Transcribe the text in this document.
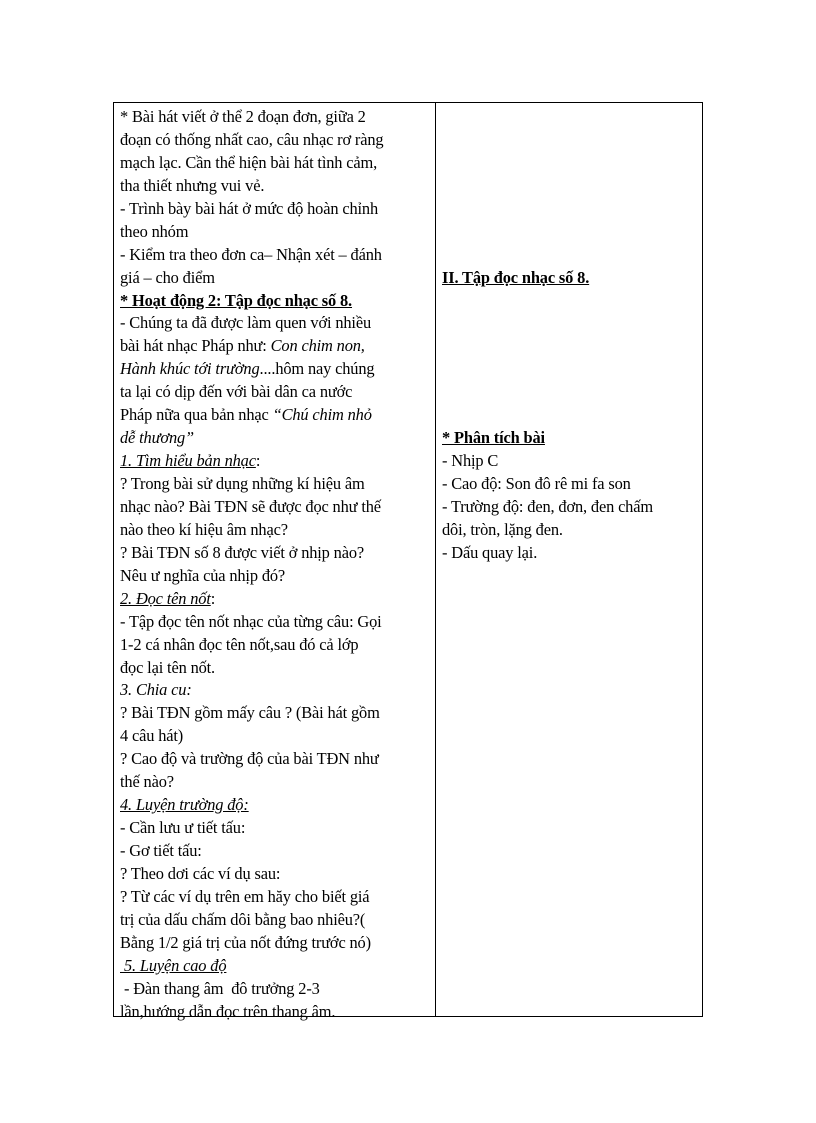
* Bài hát viết ở thể 2 đoạn đơn, giữa 2
đoạn có thống nhất cao, câu nhạc rơ ràng
mạch lạc. Cần thể hiện bài hát tình cảm,
tha thiết nhưng vui vẻ.
- Trình bày bài hát ở mức độ hoàn chỉnh
theo nhóm
- Kiểm tra theo đơn ca– Nhận xét – đánh
giá – cho điểm
* Hoạt động 2: Tập đọc nhạc số 8.
- Chúng ta đã được làm quen với nhiều
bài hát nhạc Pháp như: Con chim non,
Hành khúc tới trường....hôm nay chúng
ta lại có dịp đến với bài dân ca nước
Pháp nữa qua bản nhạc “Chú chim nhỏ
dễ thương”
1. Tìm hiểu bản nhạc:
? Trong bài sử dụng những kí hiệu âm
nhạc nào? Bài TĐN sẽ được đọc như thế
nào theo kí hiệu âm nhạc?
? Bài TĐN số 8 được viết ở nhịp nào?
Nêu ư nghĩa của nhịp đó?
2. Đọc tên nốt:
- Tập đọc tên nốt nhạc của từng câu: Gọi
1-2 cá nhân đọc tên nốt,sau đó cả lớp
đọc lại tên nốt.
3. Chia cu:
? Bài TĐN gồm mấy câu ? (Bài hát gồm
4 câu hát)
? Cao độ và trường độ của bài TĐN như
thế nào?
4. Luyện trường độ:
- Cần lưu ư tiết tấu:
- Gơ tiết tấu:
? Theo dơi các ví dụ sau:
? Từ các ví dụ trên em hăy cho biết giá
trị của dấu chấm dôi bằng bao nhiêu?(
Bằng 1/2 giá trị của nốt đứng trước nó)
5. Luyện cao độ
- Đàn thang âm  đô trưởng 2-3
lần,hướng dẫn đọc trên thang âm.
II. Tập đọc nhạc số 8.
* Phân tích bài
- Nhịp C
- Cao độ: Son đô rê mi fa son
- Trường độ: đen, đơn, đen chấm
dôi, tròn, lặng đen.
- Dấu quay lại.
